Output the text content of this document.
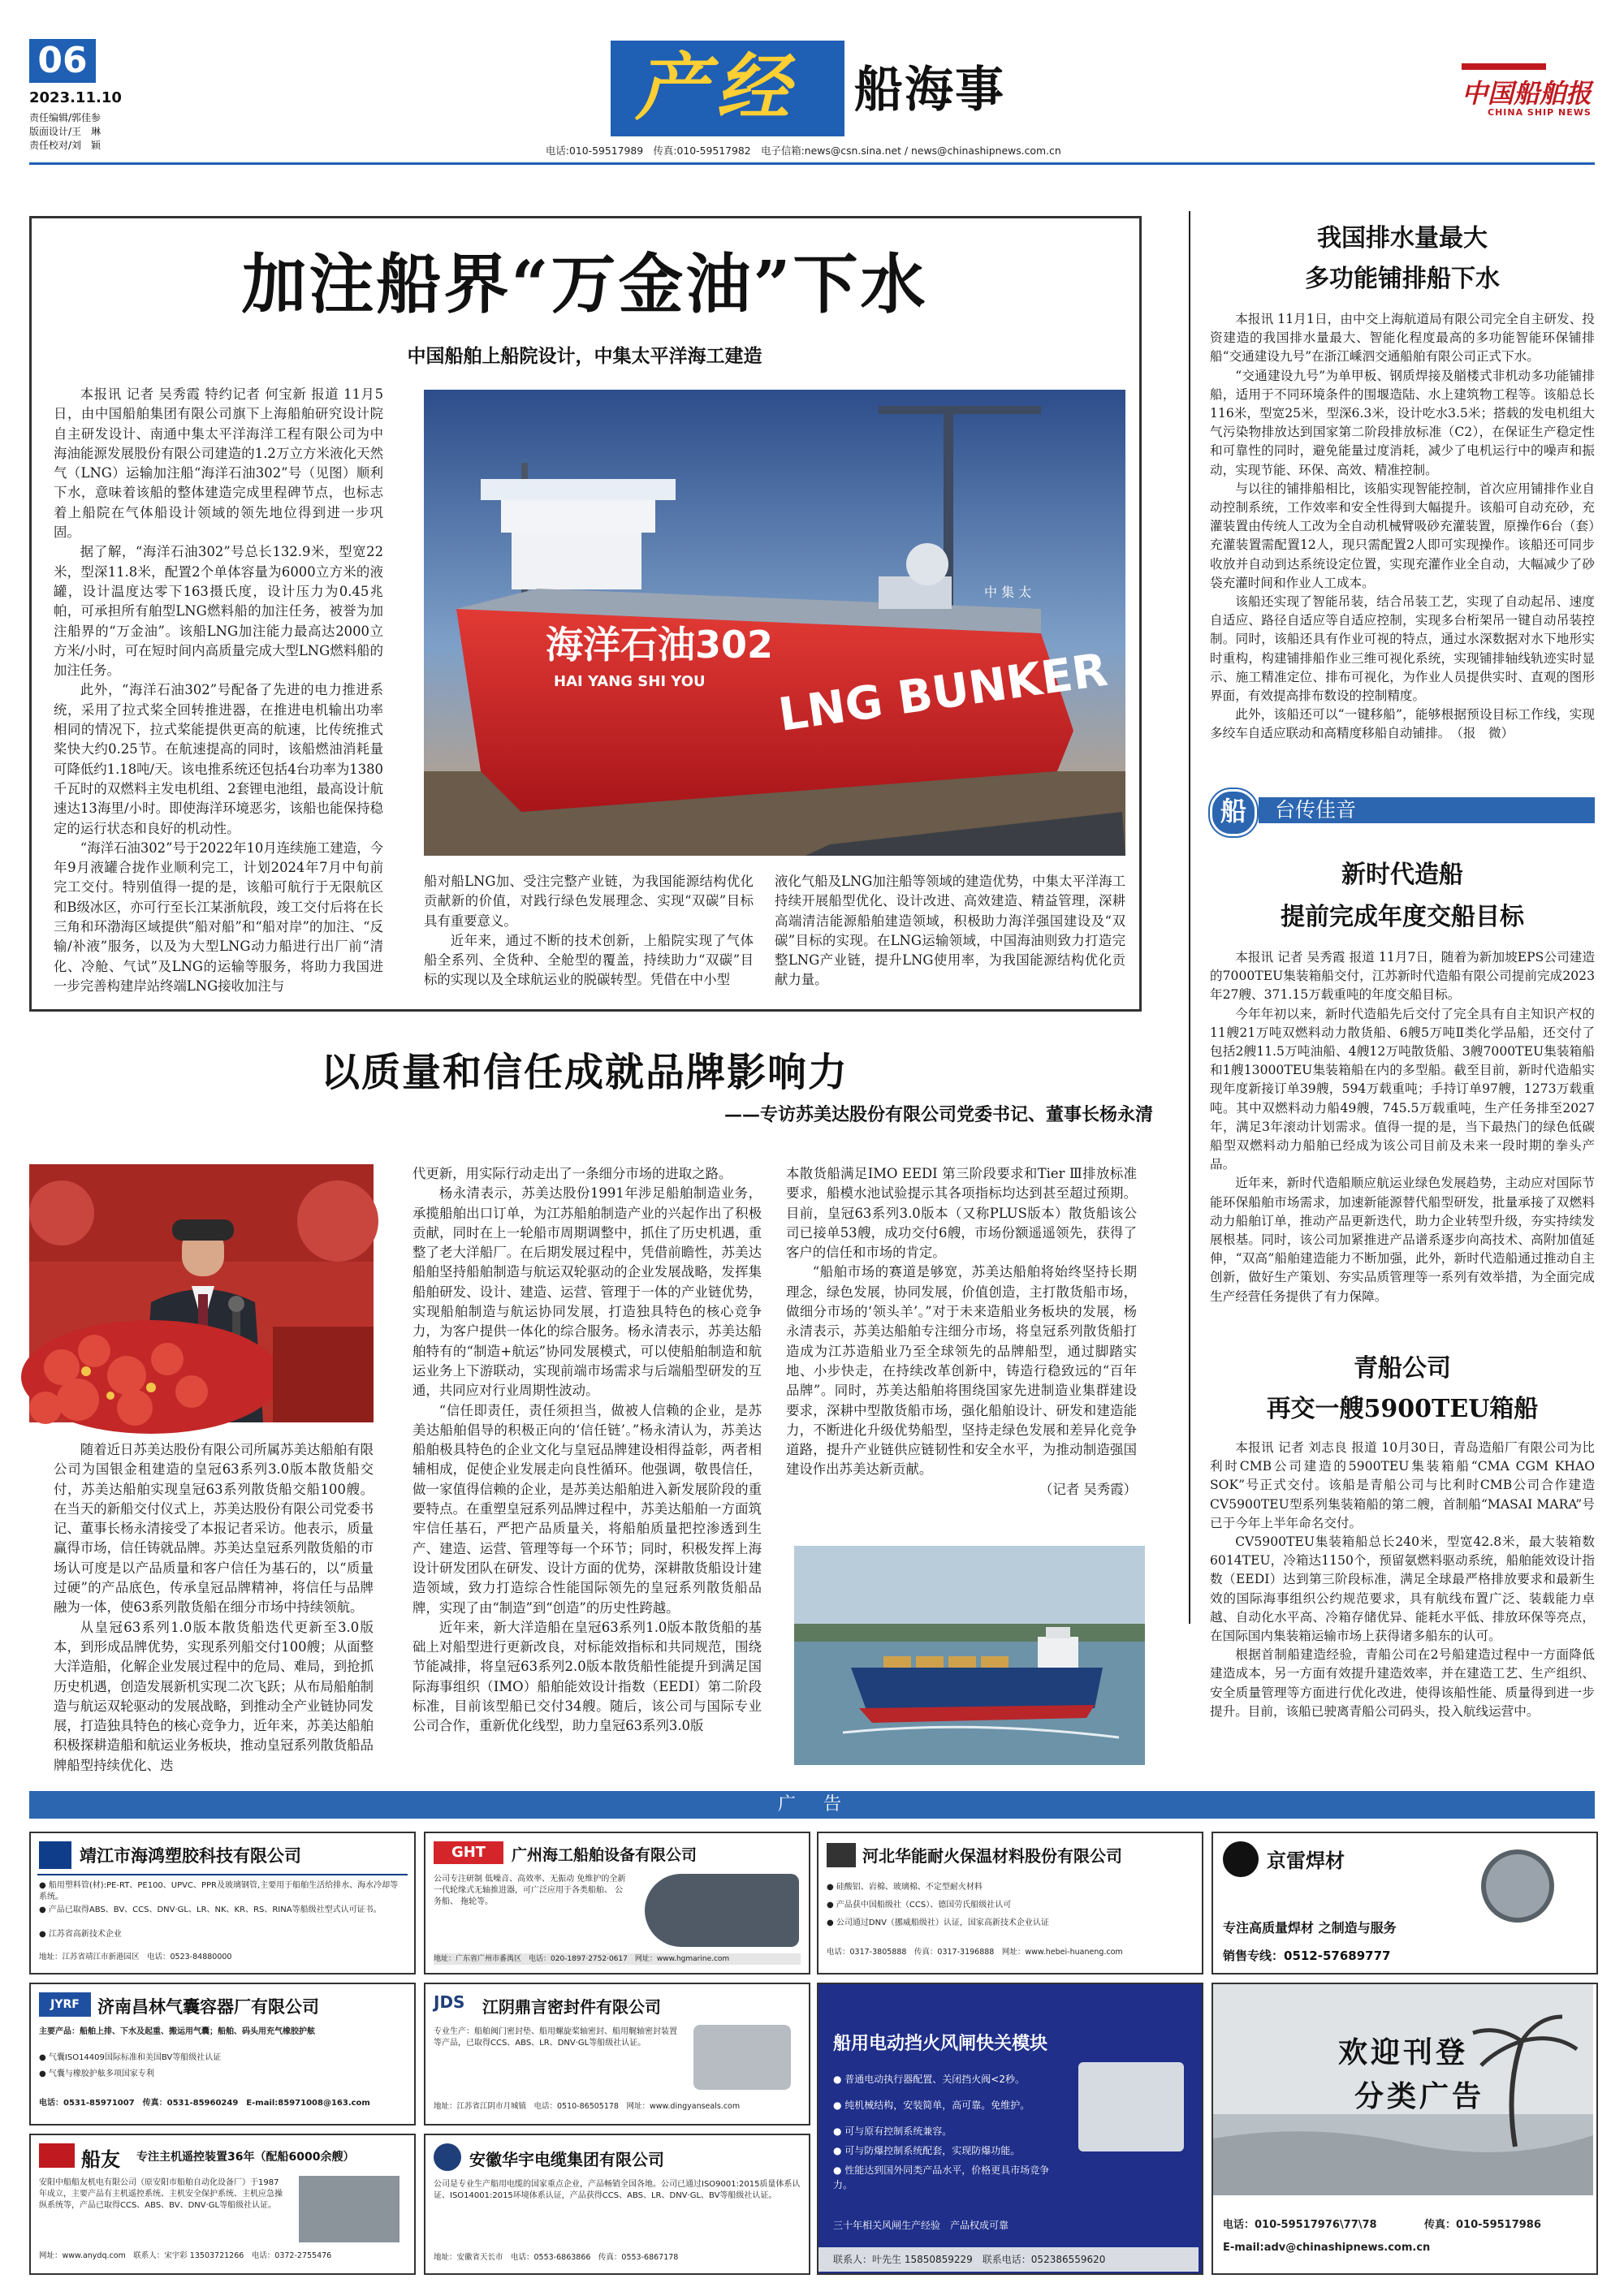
06
2023.11.10
责任编辑/郭佳参
版面设计/王　琳
责任校对/刘　颖
产经 船海事
电话:010-59517989　传真:010-59517982　电子信箱:news@csn.sina.net / news@chinashipnews.com.cn
中国船舶报
CHINA SHIP NEWS
加注船界“万金油”下水
中国船舶上船院设计，中集太平洋海工建造

本报讯 记者 吴秀霞 特约记者 何宝新 报道 11月5日，由中国船舶集团有限公司旗下上海船舶研究设计院自主研发设计、南通中集太平洋海洋工程有限公司为中海油能源发展股份有限公司建造的1.2万立方米液化天然气（LNG）运输加注船“海洋石油302”号（见图）顺利下水，意味着该船的整体建造完成里程碑节点，也标志着上船院在气体船设计领域的领先地位得到进一步巩固。

据了解，“海洋石油302”号总长132.9米，型宽22米，型深11.8米，配置2个单体容量为6000立方米的液罐，设计温度达零下163摄氏度，设计压力为0.45兆帕，可承担所有舶型LNG燃料船的加注任务，被誉为加注船界的“万金油”。该船LNG加注能力最高达2000立方米/小时，可在短时间内高质量完成大型LNG燃料船的加注任务。

此外，“海洋石油302”号配备了先进的电力推进系统，采用了拉式桨全回转推进器，在推进电机输出功率相同的情况下，拉式桨能提供更高的航速，比传统推式桨快大约0.25节。在航速提高的同时，该船燃油消耗量可降低约1.18吨/天。该电推系统还包括4台功率为1380千瓦时的双燃料主发电机组、2套锂电池组，最高设计航速达13海里/小时。即使海洋环境恶劣，该船也能保持稳定的运行状态和良好的机动性。

“海洋石油302”号于2022年10月连续施工建造，今年9月液罐合拢作业顺利完工，计划2024年7月中旬前完工交付。特别值得一提的是，该船可航行于无限航区和B级冰区，亦可行至长江某浙航段，竣工交付后将在长三角和环渤海区域提供“船对船”和“船对岸”的加注、“反输/补液”服务，以及为大型LNG动力船进行出厂前“清化、冷舱、气试”及LNG的运输等服务，将助力我国进一步完善构建岸站终端LNG接收加注与

海洋石油302
HAI YANG SHI YOU LNG BUNKER
中 集 太

船对船LNG加、受注完整产业链，为我国能源结构优化贡献新的价值，对践行绿色发展理念、实现“双碳”目标具有重要意义。

近年来，通过不断的技术创新，上船院实现了气体船全系列、全货种、全舱型的覆盖，持续助力“双碳”目标的实现以及全球航运业的脱碳转型。凭借在中小型

液化气船及LNG加注船等领域的建造优势，中集太平洋海工持续开展船型优化、设计改进、高效建造、精益管理，深耕高端清洁能源船舶建造领域，积极助力海洋强国建设及“双碳”目标的实现。在LNG运输领域，中国海油则致力打造完整LNG产业链，提升LNG使用率，为我国能源结构优化贡献力量。

我国排水量最大
多功能铺排船下水

本报讯 11月1日，由中交上海航道局有限公司完全自主研发、投资建造的我国排水量最大、智能化程度最高的多功能智能环保铺排船“交通建设九号”在浙江嵊泗交通船舶有限公司正式下水。

“交通建设九号”为单甲板、钢质焊接及艏楼式非机动多功能铺排船，适用于不同环境条件的围堰造陆、水上建筑物工程等。该船总长116米，型宽25米，型深6.3米，设计吃水3.5米；搭载的发电机组大气污染物排放达到国家第二阶段排放标准（C2），在保证生产稳定性和可靠性的同时，避免能量过度消耗，减少了电机运行中的噪声和振动，实现节能、环保、高效、精准控制。

与以往的铺排船相比，该船实现智能控制，首次应用铺排作业自动控制系统，工作效率和安全性得到大幅提升。该船可自动充砂，充灌装置由传统人工改为全自动机械臂吸砂充灌装置，原操作6台（套）充灌装置需配置12人，现只需配置2人即可实现操作。该船还可同步收放并自动到达系统设定位置，实现充灌作业全自动，大幅减少了砂袋充灌时间和作业人工成本。

该船还实现了智能吊装，结合吊装工艺，实现了自动起吊、速度自适应、路径自适应等自适应控制，实现多台桁架吊一键自动吊装控制。同时，该船还具有作业可视的特点，通过水深数据对水下地形实时重构，构建铺排船作业三维可视化系统，实现铺排轴线轨迹实时显示、施工精准定位、排布可视化，为作业人员提供实时、直观的图形界面，有效提高排布数设的控制精度。

此外，该船还可以“一键移船”，能够根据预设目标工作线，实现多绞车自适应联动和高精度移船自动铺排。　（报　微）

船 台传佳音
新时代造船
提前完成年度交船目标

本报讯 记者 吴秀霞 报道 11月7日，随着为新加坡EPS公司建造的7000TEU集装箱船交付，江苏新时代造船有限公司提前完成2023年27艘、371.15万载重吨的年度交船目标。

今年年初以来，新时代造船先后交付了完全具有自主知识产权的11艘21万吨双燃料动力散货船、6艘5万吨Ⅱ类化学品船，还交付了包括2艘11.5万吨油船、4艘12万吨散货船、3艘7000TEU集装箱船和1艘13000TEU集装箱船在内的多型船。截至目前，新时代造船实现年度新接订单39艘，594万载重吨；手持订单97艘，1273万载重吨。其中双燃料动力船49艘，745.5万载重吨，生产任务排至2027年，满足3年滚动计划需求。值得一提的是，当下最热门的绿色低碳船型双燃料动力船舶已经成为该公司目前及未来一段时期的拳头产品。

近年来，新时代造船顺应航运业绿色发展趋势，主动应对国际节能环保船舶市场需求，加速新能源替代船型研发，批量承接了双燃料动力船舶订单，推动产品更新迭代，助力企业转型升级，夯实持续发展根基。同时，该公司加紧推进产品谱系逐步向高技术、高附加值延伸，“双高”船舶建造能力不断加强，此外，新时代造船通过推动自主创新，做好生产策划、夯实品质管理等一系列有效举措，为全面完成生产经营任务提供了有力保障。

青船公司
再交一艘5900TEU箱船

本报讯 记者 刘志良 报道 10月30日，青岛造船厂有限公司为比利时CMB公司建造的5900TEU集装箱船“CMA CGM KHAO SOK”号正式交付。该船是青船公司与比利时CMB公司合作建造CV5900TEU型系列集装箱船的第二艘，首制船“MASAI MARA”号已于今年上半年命名交付。

CV5900TEU集装箱船总长240米，型宽42.8米，最大装箱数6014TEU，冷箱达1150个，预留氨燃料驱动系统，船舶能效设计指数（EEDI）达到第三阶段标准，满足全球最严格排放要求和最新生效的国际海事组织公约规范要求，具有航线布置广泛、装载能力卓越、自动化水平高、冷箱存储优异、能耗水平低、排放环保等亮点，在国际国内集装箱运输市场上获得诸多船东的认可。

根据首制船建造经验，青船公司在2号船建造过程中一方面降低建造成本，另一方面有效提升建造效率，并在建造工艺、生产组织、安全质量管理等方面进行优化改进，使得该船性能、质量得到进一步提升。目前，该船已驶离青船公司码头，投入航线运营中。

以质量和信任成就品牌影响力
——专访苏美达股份有限公司党委书记、董事长杨永清

随着近日苏美达股份有限公司所属苏美达船舶有限公司为国银金租建造的皇冠63系列3.0版本散货船交付，苏美达船舶实现皇冠63系列散货船交船100艘。在当天的新船交付仪式上，苏美达股份有限公司党委书记、董事长杨永清接受了本报记者采访。他表示，质量赢得市场，信任铸就品牌。苏美达皇冠系列散货船的市场认可度是以产品质量和客户信任为基石的，以“质量过硬”的产品底色，传承皇冠品牌精神，将信任与品牌融为一体，使63系列散货船在细分市场中持续领航。

从皇冠63系列1.0版本散货船迭代更新至3.0版本，到形成品牌优势，实现系列船交付100艘；从面整大洋造船，化解企业发展过程中的危局、难局，到抢抓历史机遇，创造发展新机实现二次飞跃；从布局船舶制造与航运双轮驱动的发展战略，到推动全产业链协同发展，打造独具特色的核心竞争力，近年来，苏美达船舶积极探耕造船和航运业务板块，推动皇冠系列散货船品牌船型持续优化、迭

代更新，用实际行动走出了一条细分市场的进取之路。

杨永清表示，苏美达股份1991年涉足船舶制造业务，承揽船舶出口订单，为江苏船舶制造产业的兴起作出了积极贡献，同时在上一轮船市周期调整中，抓住了历史机遇，重整了老大洋船厂。在后期发展过程中，凭借前瞻性，苏美达船舶坚持船舶制造与航运双轮驱动的企业发展战略，发挥集船舶研发、设计、建造、运营、管理于一体的产业链优势，实现船舶制造与航运协同发展，打造独具特色的核心竞争力，为客户提供一体化的综合服务。杨永清表示，苏美达船舶特有的“制造+航运”协同发展模式，可以使船舶制造和航运业务上下游联动，实现前端市场需求与后端船型研发的互通，共同应对行业周期性波动。

“信任即责任，责任须担当，做被人信赖的企业，是苏美达船舶倡导的积极正向的‘信任链’。”杨永清认为，苏美达船舶极具特色的企业文化与皇冠品牌建设相得益彰，两者相辅相成，促使企业发展走向良性循环。他强调，敬畏信任，做一家值得信赖的企业，是苏美达船舶进入新发展阶段的重要特点。在重塑皇冠系列品牌过程中，苏美达船舶一方面筑牢信任基石，严把产品质量关，将船舶质量把控渗透到生产、建造、运营、管理等每一个环节；同时，积极发挥上海设计研发团队在研发、设计方面的优势，深耕散货船设计建造领域，致力打造综合性能国际领先的皇冠系列散货船品牌，实现了由“制造”到“创造”的历史性跨越。

近年来，新大洋造船在皇冠63系列1.0版本散货船的基础上对船型进行更新改良，对标能效指标和共同规范，围绕节能减排，将皇冠63系列2.0版本散货船性能提升到满足国际海事组织（IMO）船舶能效设计指数（EEDI）第二阶段标准，目前该型船已交付34艘。随后，该公司与国际专业公司合作，重新优化线型，助力皇冠63系列3.0版

本散货船满足IMO EEDI 第三阶段要求和Tier Ⅲ排放标准要求，船模水池试验提示其各项指标均达到甚至超过预期。目前，皇冠63系列3.0版本（又称PLUS版本）散货船该公司已接单53艘，成功交付6艘，市场份额遥遥领先，获得了客户的信任和市场的肯定。

“船舶市场的赛道是够宽，苏美达船舶将始终坚持长期理念，绿色发展，协同发展，价值创造，主打散货船市场，做细分市场的‘领头羊’。”对于未来造船业务板块的发展，杨永清表示，苏美达船舶专注细分市场，将皇冠系列散货船打造成为江苏造船业乃至全球领先的品牌船型，通过脚踏实地、小步快走，在持续改革创新中，铸造行稳致远的“百年品牌”。同时，苏美达船舶将围绕国家先进制造业集群建设要求，深耕中型散货船市场，强化船舶设计、研发和建造能力，不断进化升级优势船型，坚持走绿色发展和差异化竞争道路，提升产业链供应链韧性和安全水平，为推动制造强国建设作出苏美达新贡献。

（记者 吴秀霞）

广　告
靖江市海鸿塑胶科技有限公司
● 船用塑料管(材):PE-RT、PE100、UPVC、PPR及玻璃钢管,主要用于船舶生活给排水、海水冷却等系统。
● 产品已取得ABS、BV、CCS、DNV·GL、LR、NK、KR、RS、RINA等船级社型式认可证书。
● 江苏省高新技术企业
地址：江苏省靖江市新港园区　电话：0523-84880000
GHT	广州海工船舶设备有限公司
公司专注研制 低噪音、高效率、无振动 免维护的全新一代轮缘式无轴推进器，可广泛应用于各类船舶、 公务船、 拖轮等。
地址：广东省广州市番禺区　电话：020-1897·2752·0617　网址：www.hgmarine.com
河北华能耐火保温材料股份有限公司
● 硅酸铝、岩棉、玻璃棉、不定型耐火材料
● 产品获中国船级社（CCS）、德国劳氏船级社认可
● 公司通过DNV（挪威船级社）认证，国家高新技术企业认证
电话：0317-3805888　传真：0317-3196888　网址：www.hebei-huaneng.com
京雷焊材
专注高质量焊材 之制造与服务
销售专线：0512-57689777
JYRF	济南昌林气囊容器厂有限公司
主要产品：船舶上排、下水及起重、搬运用气囊；船舶、码头用充气橡胶护舷
● 气囊ISO14409国际标准和美国BV等船级社认证
● 气囊与橡胶护舷多项国家专利
电话：0531-85971007　传真：0531-85960249　E-mail:85971008@163.com
JDS	江阴鼎言密封件有限公司
专业生产：船舶阀门密封垫、船用螺旋桨轴密封、船用艉轴密封装置等产品，已取得CCS、ABS、LR、DNV·GL等船级社认证。
地址：江苏省江阴市月城镇　电话：0510-86505178　网址：www.dingyanseals.com
船用电动挡火风闸快关模块
● 普通电动执行器配置、关闭挡火阀<2秒。
● 纯机械结构，安装简单，高可靠。免维护。
● 可与原有控制系统兼容。
● 可与防爆控制系统配套，实现防爆功能。
● 性能达到国外同类产品水平，价格更具市场竞争力。
三十年相关风闸生产经验　产品权成可靠
联系人：叶先生 15850859229　联系电话：052386559620
船友 专注主机遥控装置36年（配船6000余艘）
安阳中船船友机电有限公司（原安阳市船舶自动化设备厂）于1987年成立，主要产品有主机遥控系统、主机安全保护系统、主机应急操纵系统等，产品已取得CCS、ABS、BV、DNV·GL等船级社认证。
网址：www.anydq.com　联系人：宋宇彩 13503721266　电话：0372-2755476
安徽华宇电缆集团有限公司
公司是专业生产船用电缆的国家重点企业，产品畅销全国各地。公司已通过ISO9001:2015质量体系认证、ISO14001:2015环境体系认证，产品获得CCS、ABS、LR、DNV·GL、BV等船级社认证。
地址：安徽省天长市　电话：0553-6863866　传真：0553-6867178
欢迎刊登
分类广告
电话：010-59517976\77\78	传真：010-59517986
E-mail:adv@chinashipnews.com.cn
